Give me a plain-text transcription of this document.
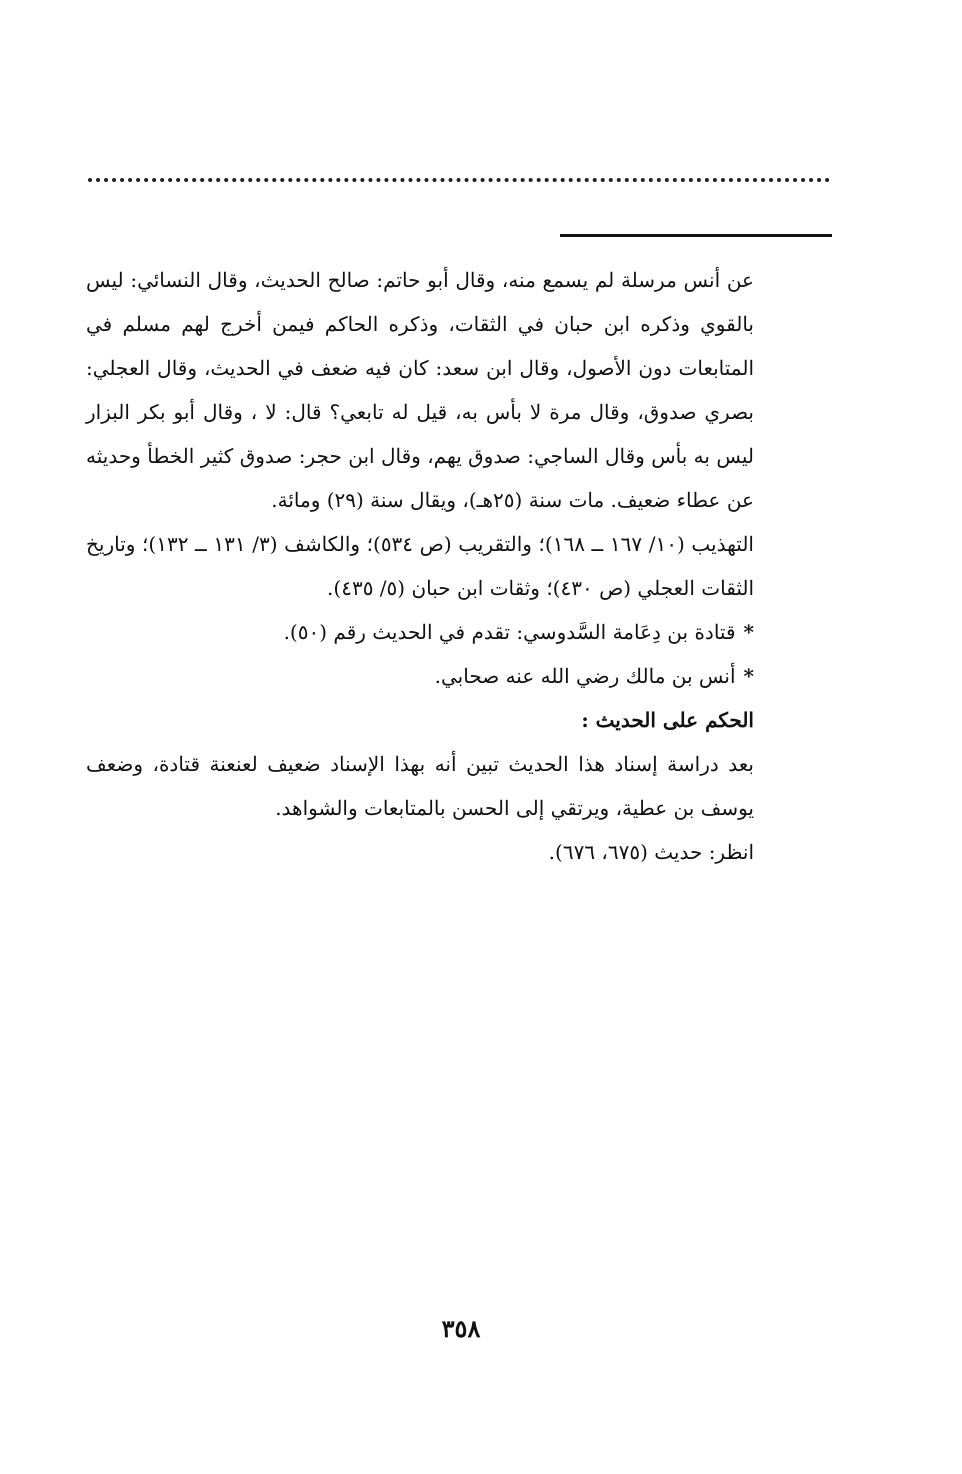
عن أنس مرسلة لم يسمع منه، وقال أبو حاتم: صالح الحديث، وقال النسائي: ليس بالقوي وذكره ابن حبان في الثقات، وذكره الحاكم فيمن أخرج لهم مسلم في المتابعات دون الأصول، وقال ابن سعد: كان فيه ضعف في الحديث، وقال العجلي: بصري صدوق، وقال مرة لا بأس به، قيل له تابعي؟ قال: لا ، وقال أبو بكر البزار ليس به بأس وقال الساجي: صدوق يهم، وقال ابن حجر: صدوق كثير الخطأ وحديثه عن عطاء ضعيف. مات سنة (٢٥هـ)، ويقال سنة (٢٩) ومائة.

التهذيب (١٠/ ١٦٧ ــ ١٦٨)؛ والتقريب (ص ٥٣٤)؛ والكاشف (٣/ ١٣١ ــ ١٣٢)؛ وتاريخ الثقات العجلي (ص ٤٣٠)؛ وثقات ابن حبان (٥/ ٤٣٥).

*قتادة بن دِعَامة السَّدوسي: تقدم في الحديث رقم (٥٠).

*أنس بن مالك رضي الله عنه صحابي.

الحكم على الحديث :

بعد دراسة إسناد هذا الحديث تبين أنه بهذا الإسناد ضعيف لعنعنة قتادة، وضعف يوسف بن عطية، ويرتقي إلى الحسن بالمتابعات والشواهد.

انظر: حديث (٦٧٥، ٦٧٦).

٣٥٨
